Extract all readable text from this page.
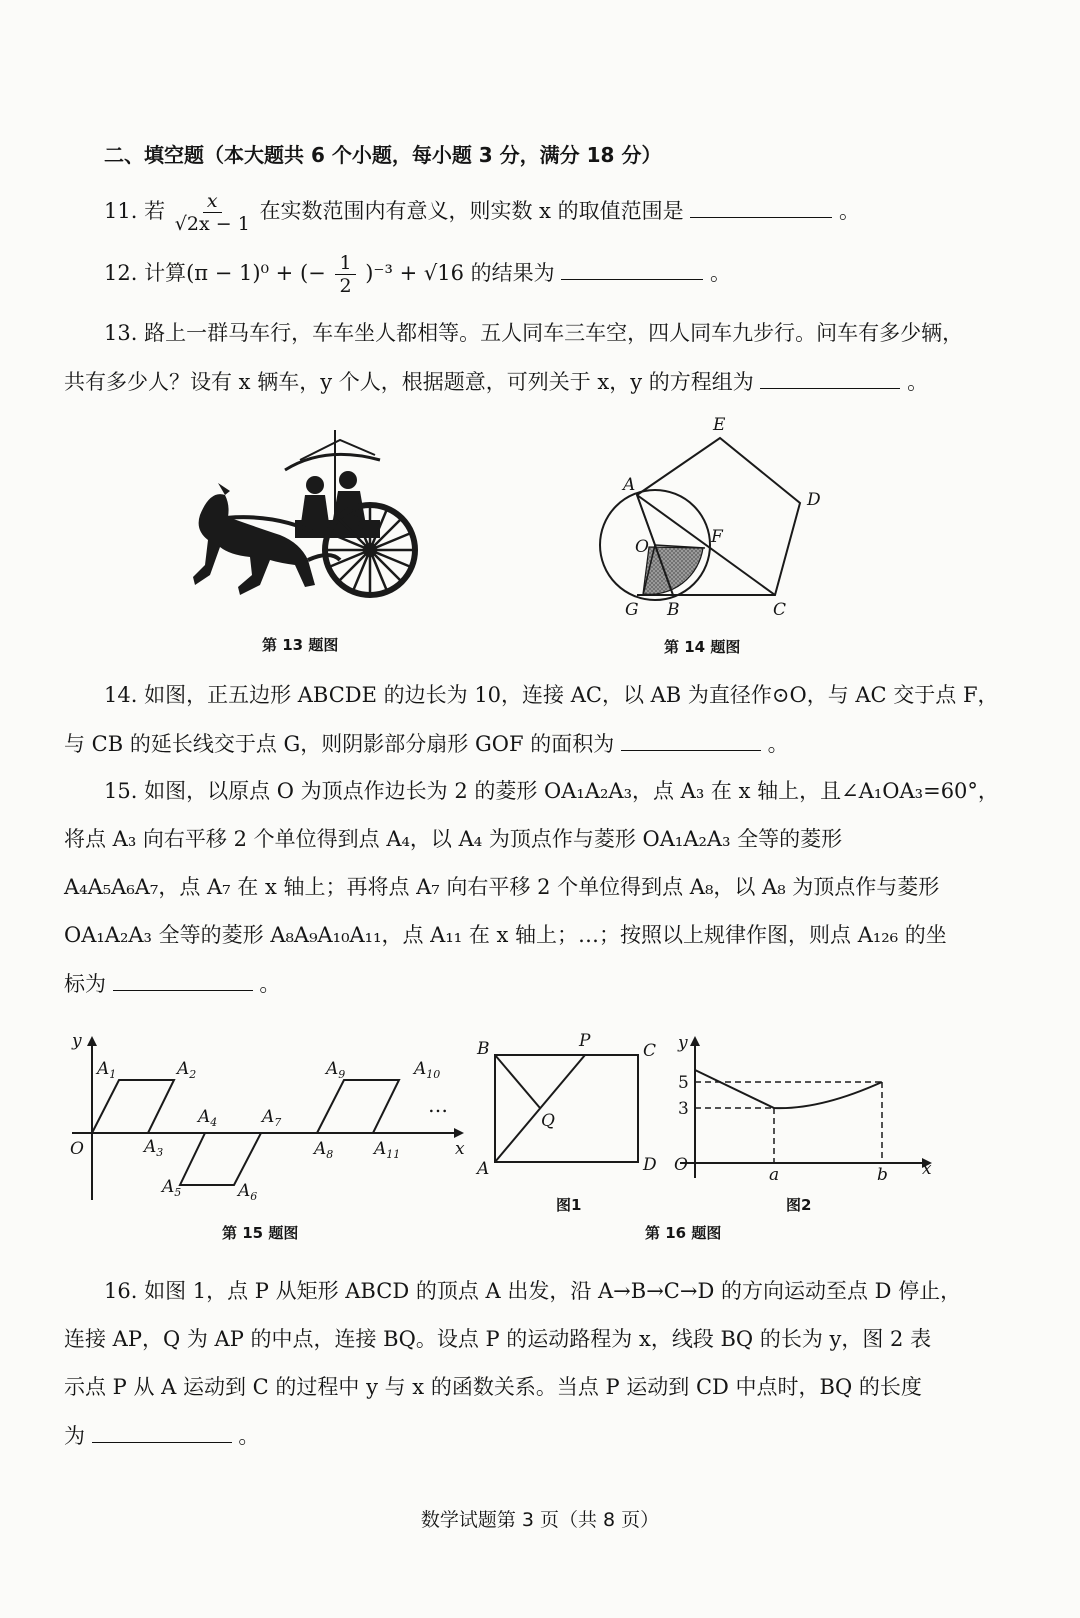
二、填空题（本大题共 6 个小题，每小题 3 分，满分 18 分）
11. 若 $\frac{x}{√2x - 1}$ 在实数范围内有意义，则实数 x 的取值范围是	。
12. 计算(π − 1)⁰ + (− $\frac{1}{2} )^{-3} + √16$ 的结果为	。
13. 路上一群马车行，车车坐人都相等。五人同车三车空，四人同车九步行。问车有多少辆，
共有多少人？设有 x 辆车，y 个人，根据题意，可列关于 x，y 的方程组为	。
第 13 题图
A
B	C
D
E
F
G
O
第 14 题图
14. 如图，正五边形 ABCDE 的边长为 10，连接 AC，以 AB 为直径作⊙O，与 AC 交于点 F，
与 CB 的延长线交于点 G，则阴影部分扇形 GOF 的面积为	。
15. 如图，以原点 O 为顶点作边长为 2 的菱形 OA₁A₂A₃，点 A₃ 在 x 轴上，且∠A₁OA₃=60°，
将点 A₃ 向右平移 2 个单位得到点 A₄，以 A₄ 为顶点作与菱形 OA₁A₂A₃ 全等的菱形
A₄A₅A₆A₇，点 A₇ 在 x 轴上；再将点 A₇ 向右平移 2 个单位得到点 A₈，以 A₈ 为顶点作与菱形
OA₁A₂A₃ 全等的菱形 A₈A₉A₁₀A₁₁，点 A₁₁ 在 x 轴上；…；按照以上规律作图，则点 A₁₂₆ 的坐
标为	。
y
x
O
$A_1$	$A_2$
$A_3$
$A_4$
$A_5$	$A_6$
$A_7$
$A_8$
$A_9$	$A_{10}$
$A_{11}$
…
第 15 题图
B	C
A	D
P
Q
图1
y
x
O
5
3
a	b
图2
第 16 题图
16. 如图 1，点 P 从矩形 ABCD 的顶点 A 出发，沿 A→B→C→D 的方向运动至点 D 停止，
连接 AP，Q 为 AP 的中点，连接 BQ。设点 P 的运动路程为 x，线段 BQ 的长为 y，图 2 表
示点 P 从 A 运动到 C 的过程中 y 与 x 的函数关系。当点 P 运动到 CD 中点时，BQ 的长度
为	。
数学试题第 3 页（共 8 页）
